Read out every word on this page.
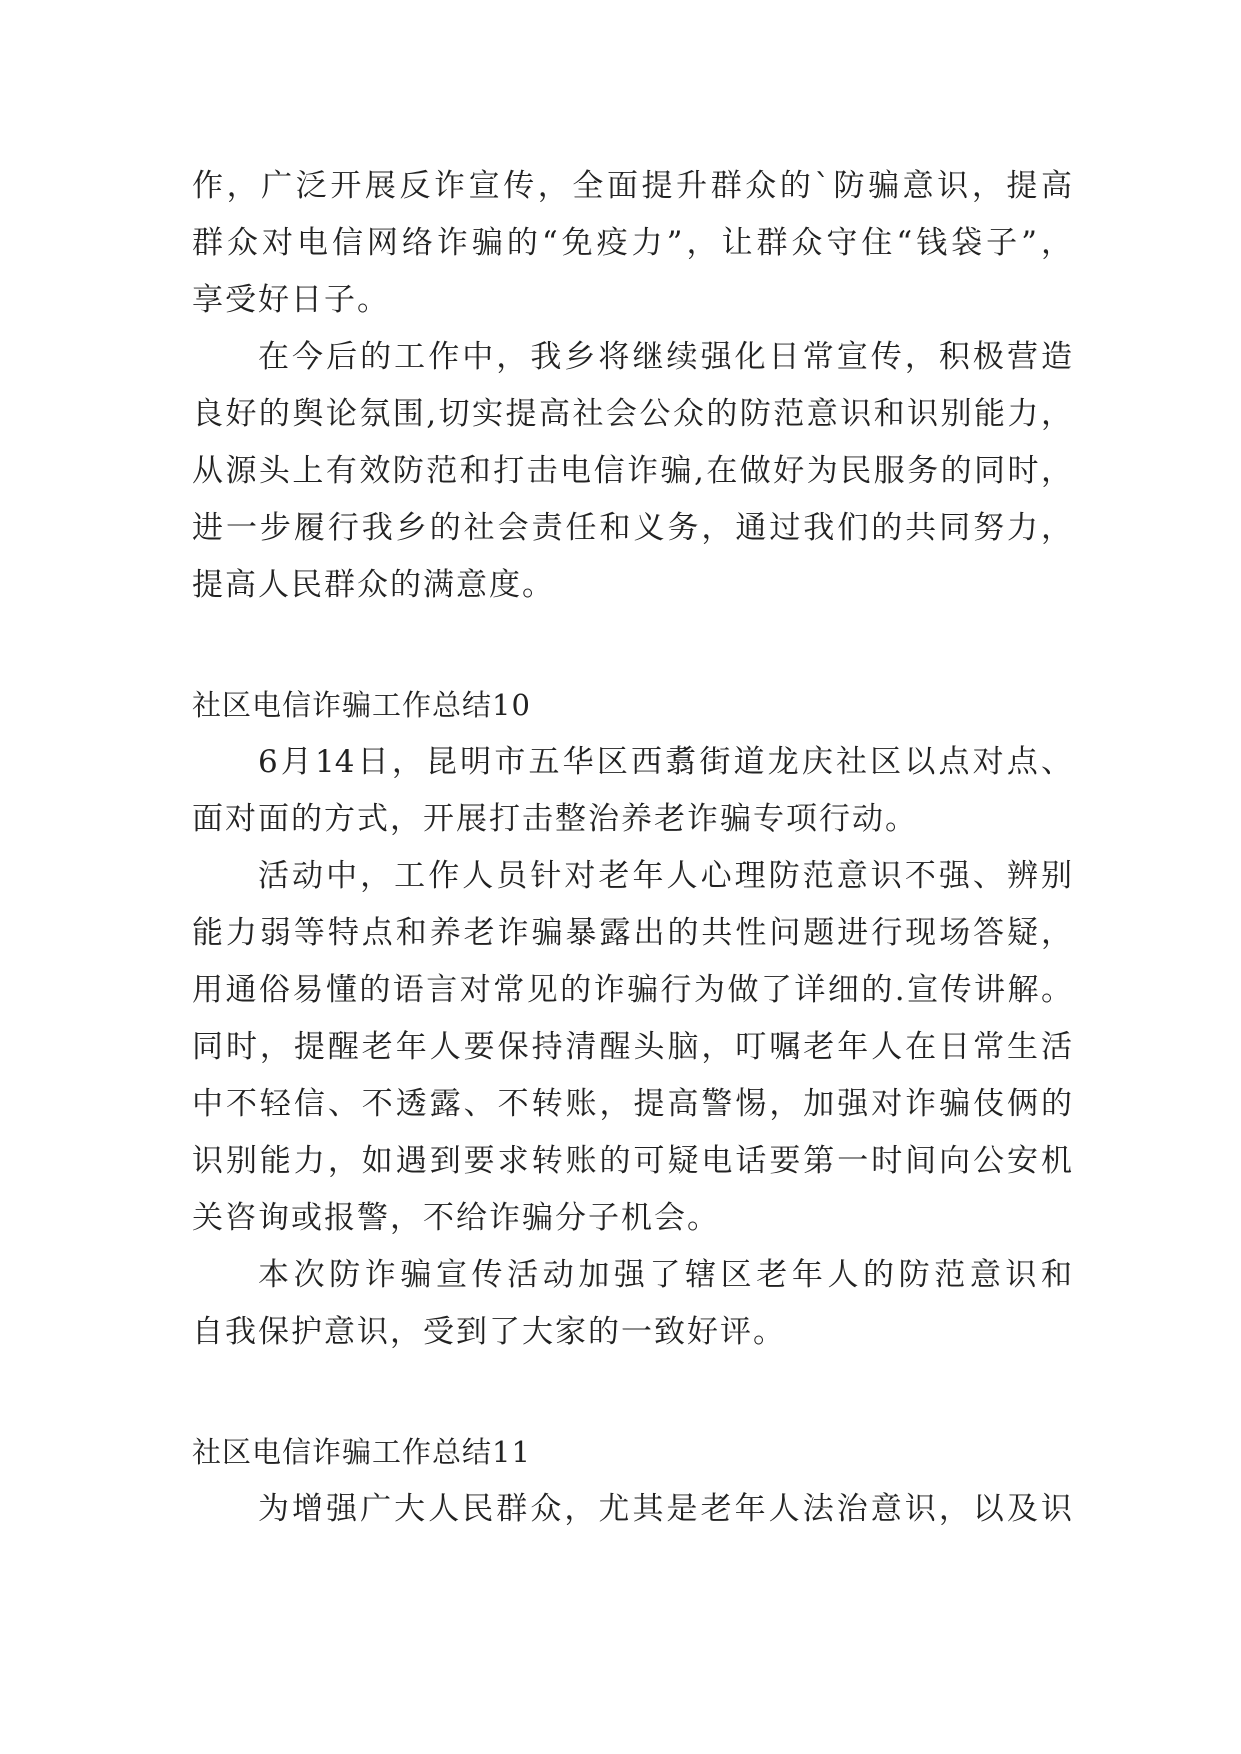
作，广泛开展反诈宣传，全面提升群众的`防骗意识，提高
群众对电信网络诈骗的“免疫力”，让群众守住“钱袋子”，
享受好日子。
在今后的工作中，我乡将继续强化日常宣传，积极营造
良好的舆论氛围,切实提高社会公众的防范意识和识别能力，
从源头上有效防范和打击电信诈骗,在做好为民服务的同时，
进一步履行我乡的社会责任和义务，通过我们的共同努力，
提高人民群众的满意度。
社区电信诈骗工作总结10
6月14日，昆明市五华区西翥街道龙庆社区以点对点、
面对面的方式，开展打击整治养老诈骗专项行动。
活动中，工作人员针对老年人心理防范意识不强、辨别
能力弱等特点和养老诈骗暴露出的共性问题进行现场答疑，
用通俗易懂的语言对常见的诈骗行为做了详细的.宣传讲解。
同时，提醒老年人要保持清醒头脑，叮嘱老年人在日常生活
中不轻信、不透露、不转账，提高警惕，加强对诈骗伎俩的
识别能力，如遇到要求转账的可疑电话要第一时间向公安机
关咨询或报警，不给诈骗分子机会。
本次防诈骗宣传活动加强了辖区老年人的防范意识和
自我保护意识，受到了大家的一致好评。
社区电信诈骗工作总结11
为增强广大人民群众，尤其是老年人法治意识，以及识
